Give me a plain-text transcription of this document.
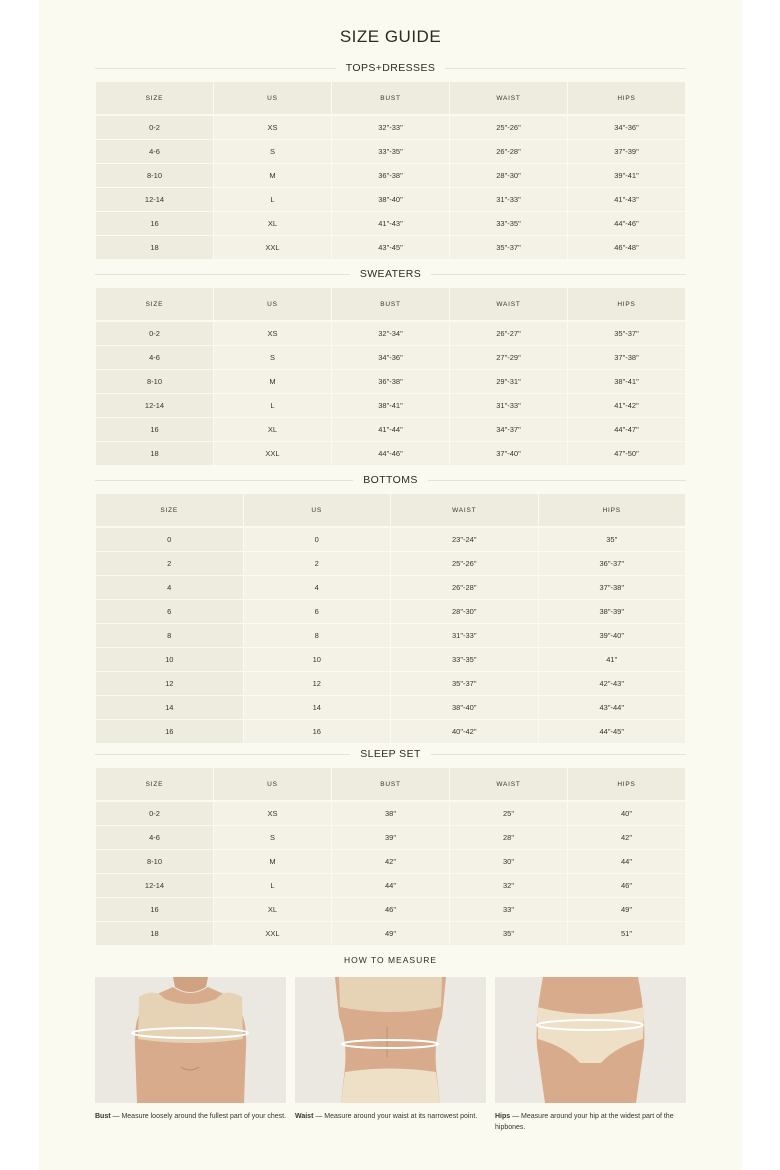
SIZE GUIDE
TOPS+DRESSES
SIZE	US	BUST	WAIST	HIPS
0-2	XS	32"-33"	25"-26"	34"-36"
4-6	S	33"-35"	26"-28"	37"-39"
8-10	M	36"-38"	28"-30"	39"-41"
12-14	L	38"-40"	31"-33"	41"-43"
16	XL	41"-43"	33"-35"	44"-46"
18	XXL	43"-45"	35"-37"	46"-48"
SWEATERS
SIZE	US	BUST	WAIST	HIPS
0-2	XS	32"-34"	26"-27"	35"-37"
4-6	S	34"-36"	27"-29"	37"-38"
8-10	M	36"-38"	29"-31"	38"-41"
12-14	L	38"-41"	31"-33"	41"-42"
16	XL	41"-44"	34"-37"	44"-47"
18	XXL	44"-46"	37"-40"	47"-50"
BOTTOMS
SIZE	US	WAIST	HIPS
0	0	23"-24"	35"
2	2	25"-26"	36"-37"
4	4	26"-28"	37"-38"
6	6	28"-30"	38"-39"
8	8	31"-33"	39"-40"
10	10	33"-35"	41"
12	12	35"-37"	42"-43"
14	14	38"-40"	43"-44"
16	16	40"-42"	44"-45"
SLEEP SET
SIZE	US	BUST	WAIST	HIPS
0-2	XS	38"	25"	40"
4-6	S	39"	28"	42"
8-10	M	42"	30"	44"
12-14	L	44"	32"	46"
16	XL	46"	33"	49"
18	XXL	49"	35"	51"
HOW TO MEASURE
Bust — Measure loosely around the fullest part of your chest.	Waist — Measure around your waist at its narrowest point.	Hips — Measure around your hip at the widest part of the hipbones.
